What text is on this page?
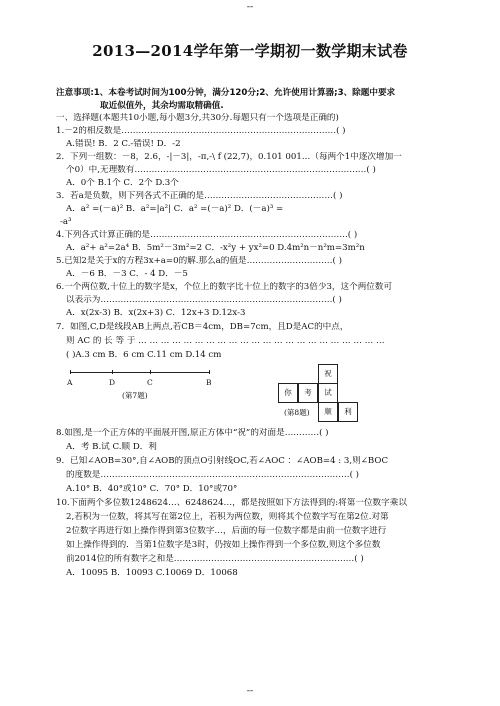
--
2013—2014学年第一学期初一数学期末试卷
注意事项:1、本卷考试时间为100分钟，满分120分;2、允许使用计算器;3、除题中要求
取近似值外，其余均需取精确值.
一、选择题(本题共10小题,每小题3分,共30分.每题只有一个选项是正确的)
1.－2的相反数是…………………………………………………………………( )
A.错误! B．2 C.-错误! D．-2
2．下列一组数：－8，2.6，-|－3|，-π,-\ f (22,7)，0.101 001…（每两个1中逐次增加一
个0）中,无理数有………………………………………………………………………( )
A．0个 B.1个 C．2个 D.3个
3．若a是负数，则下列各式不正确的是………………………………………( )
A．a² =(－a)² B．a²=|a²| C．a² =(－a)² D．(－a)³ =
-a³
4.下列各式计算正确的是……………………………………………………………( )
A．a²+ a²=2a⁴ B．5m²－3m²=2 C．-x²y + yx²=0 D.4m²n－n²m=3m²n
5.已知2是关于x的方程3x+a=0的解.那么a的值是…………………………( )
A．－6 B．－3 C．- 4 D．－5
6.一个两位数,十位上的数字是x，个位上的数字比十位上的数字的3倍少3，这个两位数可
以表示为………………………………………………………………………( )
A．x(2x-3) B．x(2x+3) C．12x+3 D.12x-3
7．如图,C,D是线段AB上两点,若CB＝4cm，DB=7cm，且D是AC的中点，
则 AC 的 长 等 于 … … … … … … … … … … … … … … … … … … … … … …
( )A.3 cm B．6 cm C.11 cm D.14 cm
A	D	C	B
(第7题)
祝
你	考	试
顺	利
(第8题)
8.如图,是一个正方体的平面展开图,原正方体中“祝”的对面是…………( )
A．考 B.试 C.顺 D．利
9．已知∠AOB=30°,自∠AOB的顶点O引射线OC,若∠AOC ：∠AOB=4 : 3,则∠BOC
的度数是……………………………………………………………………………( )
A.10° B．40°或10° C．70° D．10°或70°
10.下面两个多位数1248624…、6248624…，都是按照如下方法得到的:将第一位数字乘以
2,若积为一位数，将其写在第2位上，若积为两位数，则将其个位数字写在第2位.对第
2位数字再进行如上操作得到第3位数字…，后面的每一位数字都是由前一位数字进行
如上操作得到的．当第1位数字是3时，仍按如上操作得到一个多位数,则这个多位数
前2014位的所有数字之和是………………………………………………………( )
A．10095 B．10093 C.10069 D．10068
--
